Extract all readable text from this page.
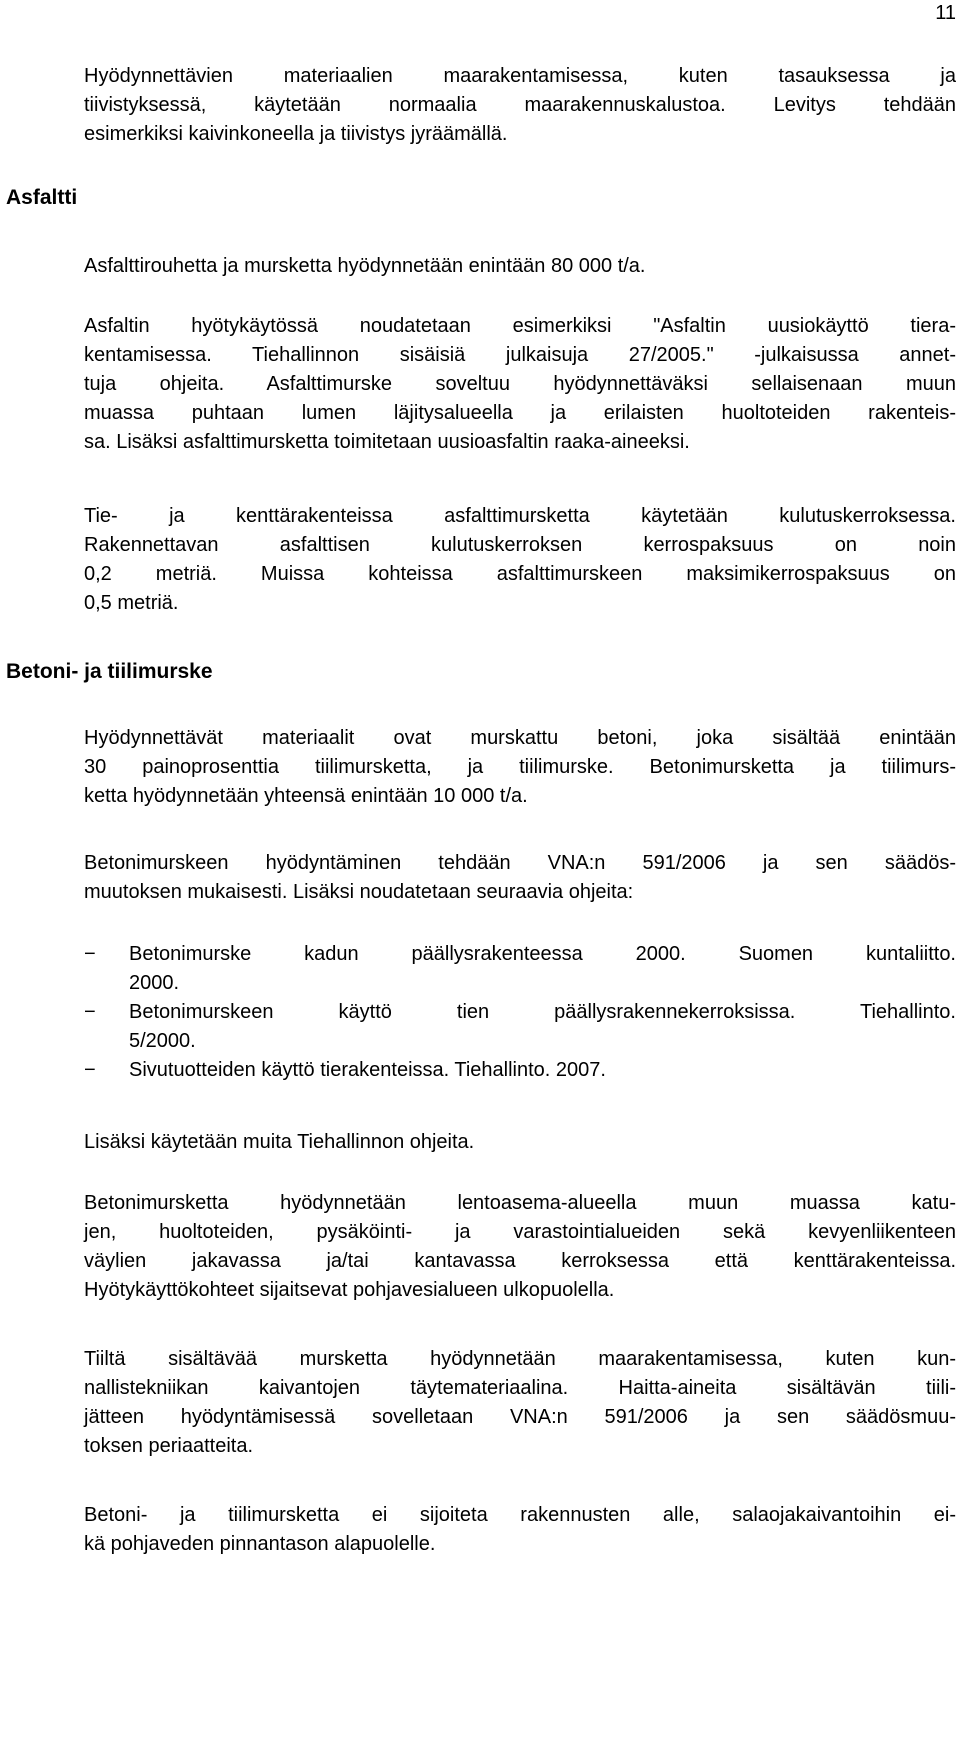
11
Hyödynnettävien materiaalien maarakentamisessa, kuten tasauksessa ja
tiivistyksessä, käytetään normaalia maarakennuskalustoa. Levitys tehdään
esimerkiksi kaivinkoneella ja tiivistys jyräämällä.
Asfaltti
Asfalttirouhetta ja mursketta hyödynnetään enintään 80 000 t/a.
Asfaltin hyötykäytössä noudatetaan esimerkiksi "Asfaltin uusiokäyttö tiera-
kentamisessa. Tiehallinnon sisäisiä julkaisuja 27/2005." -julkaisussa annet-
tuja ohjeita. Asfalttimurske soveltuu hyödynnettäväksi sellaisenaan muun
muassa puhtaan lumen läjitysalueella ja erilaisten huoltoteiden rakenteis-
sa. Lisäksi asfalttimursketta toimitetaan uusioasfaltin raaka-aineeksi.
Tie- ja kenttärakenteissa asfalttimursketta käytetään kulutuskerroksessa.
Rakennettavan asfalttisen kulutuskerroksen kerrospaksuus on noin
0,2 metriä. Muissa kohteissa asfalttimurskeen maksimikerrospaksuus on
0,5 metriä.
Betoni- ja tiilimurske
Hyödynnettävät materiaalit ovat murskattu betoni, joka sisältää enintään
30 painoprosenttia tiilimursketta, ja tiilimurske. Betonimursketta ja tiilimurs-
ketta hyödynnetään yhteensä enintään 10 000 t/a.
Betonimurskeen hyödyntäminen tehdään VNA:n 591/2006 ja sen säädös-
muutoksen mukaisesti. Lisäksi noudatetaan seuraavia ohjeita:
− Betonimurske kadun päällysrakenteessa 2000. Suomen kuntaliitto.
2000.
− Betonimurskeen käyttö tien päällysrakennekerroksissa. Tiehallinto.
5/2000.
− Sivutuotteiden käyttö tierakenteissa. Tiehallinto. 2007.
Lisäksi käytetään muita Tiehallinnon ohjeita.
Betonimursketta hyödynnetään lentoasema-alueella muun muassa katu-
jen, huoltoteiden, pysäköinti- ja varastointialueiden sekä kevyenliikenteen
väylien jakavassa ja/tai kantavassa kerroksessa että kenttärakenteissa.
Hyötykäyttökohteet sijaitsevat pohjavesialueen ulkopuolella.
Tiiltä sisältävää mursketta hyödynnetään maarakentamisessa, kuten kun-
nallistekniikan kaivantojen täytemateriaalina. Haitta-aineita sisältävän tiili-
jätteen hyödyntämisessä sovelletaan VNA:n 591/2006 ja sen säädösmuu-
toksen periaatteita.
Betoni- ja tiilimursketta ei sijoiteta rakennusten alle, salaojakaivantoihin ei-
kä pohjaveden pinnantason alapuolelle.
